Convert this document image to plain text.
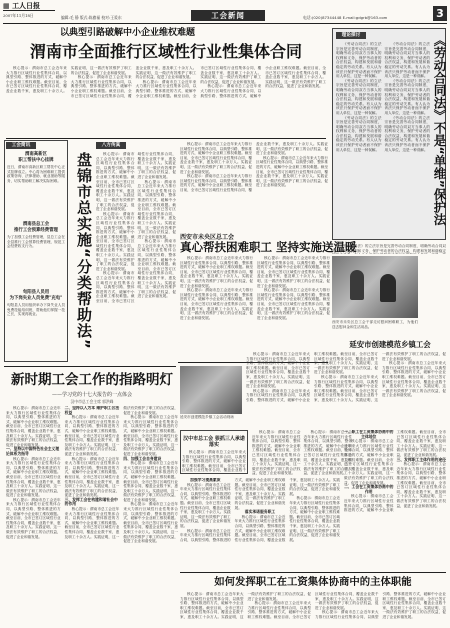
▦ 工人日报
2007年11月18日	编辑:毛 静 版式:陈旗福 校对:王爱东	工会新闻	电话:(020)87344448 E-mail:gdgrb@163.com	3
以典型引路破解中小企业维权难题
渭南市全面推行区域性行业性集体合同

核心提示：渭南市总工会近年来大力推行区域性行业性集体合同，以典型引路、整体推进的方式，破解中小企业职工维权难题。截至目前，全市已签订区域性行业性集体合同，覆盖企业数千家，惠及职工十余万人。实践证明，这一做法有效维护了职工的合法权益，促进了企业和谐发展。

核心提示：渭南市总工会近年来大力推行区域性行业性集体合同，以典型引路、整体推进的方式，破解中小企业职工维权难题。截至目前，全市已签订区域性行业性集体合同，覆盖企业数千家，惠及职工十余万人。实践证明，这一做法有效维护了职工的合法权益，促进了企业和谐发展。

核心提示：渭南市总工会近年来大力推行区域性行业性集体合同，以典型引路、整体推进的方式，破解中小企业职工维权难题。截至目前，全市已签订区域性行业性集体合同，覆盖企业数千家，惠及职工十余万人。实践证明，这一做法有效维护了职工的合法权益，促进了企业和谐发展。

核心提示：渭南市总工会近年来大力推行区域性行业性集体合同，以典型引路、整体推进的方式，破解中小企业职工维权难题。截至目前，全市已签订区域性行业性集体合同，覆盖企业数千家，惠及职工十余万人。实践证明，这一做法有效维护了职工的合法权益，促进了企业和谐发展。

工会简讯
渭南高新区
职工帮扶中心挂牌
近日，渭南市高新区职工帮扶中心正式挂牌成立。中心将为困难职工提供政策咨询、法律援助、就业援助等服务，切实帮助职工解决实际困难。
渭南县总工会
推行工会预算经费管理
为了加强工会经费管理，县总工会在全县推行工会预算经费管理，规范工会经费收支行为。
旬阳县人员用
为下岗失业人员免费"充电"
旬阳县人员用组织举办下岗失业人员免费技能培训班，帮助他们掌握一技之长，实现再就业。	盘锦市总实施“分类帮助法”
八方传真

核心提示：渭南市总工会近年来大力推行区域性行业性集体合同，以典型引路、整体推进的方式，破解中小企业职工维权难题。截至目前，全市已签订区域性行业性集体合同，覆盖企业数千家，惠及职工十余万人。实践证明，这一做法有效维护了职工的合法权益，促进了企业和谐发展。

核心提示：渭南市总工会近年来大力推行区域性行业性集体合同，以典型引路、整体推进的方式，破解中小企业职工维权难题。截至目前，全市已签订区域性行业性集体合同，覆盖企业数千家，惠及职工十余万人。实践证明，这一做法有效维护了职工的合法权益，促进了企业和谐发展。

核心提示：渭南市总工会近年来大力推行区域性行业性集体合同，以典型引路、整体推进的方式，破解中小企业职工维权难题。截至目前，全市已签订区域性行业性集体合同，覆盖企业数千家，惠及职工十余万人。实践证明，这一做法有效维护了职工的合法权益，促进了企业和谐发展。

核心提示：渭南市总工会近年来大力推行区域性行业性集体合同，以典型引路、整体推进的方式，破解中小企业职工维权难题。截至目前，全市已签订区域性行业性集体合同，覆盖企业数千家，惠及职工十余万人。实践证明，这一做法有效维护了职工的合法权益，促进了企业和谐发展。

核心提示：渭南市总工会近年来大力推行区域性行业性集体合同，以典型引路、整体推进的方式，破解中小企业职工维权难题。截至目前，全市已签订区域性行业性集体合同，覆盖企业数千家，惠及职工十余万人。实践证明，这一做法有效维护了职工的合法权益，促进了企业和谐发展。

核心提示：渭南市总工会近年来大力推行区域性行业性集体合同，以典型引路、整体推进的方式，破解中小企业职工维权难题。截至目前，全市已签订区域性行业性集体合同，覆盖企业数千家，惠及职工十余万人。实践证明，这一做法有效维护了职工的合法权益，促进了企业和谐发展。

核心提示：渭南市总工会近年来大力推行区域性行业性集体合同，以典型引路、整体推进的方式，破解中小企业职工维权难题。截至目前，全市已签订区域性行业性集体合同，覆盖企业数千家，惠及职工十余万人。实践证明，这一做法有效维护了职工的合法权益，促进了企业和谐发展。

核心提示：渭南市总工会近年来大力推行区域性行业性集体合同，以典型引路、整体推进的方式，破解中小企业职工维权难题。截至目前，全市已签订区域性行业性集体合同，覆盖企业数千家，惠及职工十余万人。实践证明，这一做法有效维护了职工的合法权益，促进了企业和谐发展。

西安市未央区总工会
真心帮扶困难职工 坚持实施送温暖

核心提示：渭南市总工会近年来大力推行区域性行业性集体合同，以典型引路、整体推进的方式，破解中小企业职工维权难题。截至目前，全市已签订区域性行业性集体合同，覆盖企业数千家，惠及职工十余万人。实践证明，这一做法有效维护了职工的合法权益，促进了企业和谐发展。

核心提示：渭南市总工会近年来大力推行区域性行业性集体合同，以典型引路、整体推进的方式，破解中小企业职工维权难题。截至目前，全市已签订区域性行业性集体合同，覆盖企业数千家，惠及职工十余万人。实践证明，这一做法有效维护了职工的合法权益，促进了企业和谐发展。

核心提示：渭南市总工会近年来大力推行区域性行业性集体合同，以典型引路、整体推进的方式，破解中小企业职工维权难题。截至目前，全市已签订区域性行业性集体合同，覆盖企业数千家，惠及职工十余万人。实践证明，这一做法有效维护了职工的合法权益，促进了企业和谐发展。

核心提示：渭南市总工会近年来大力推行区域性行业性集体合同，以典型引路、整体推进的方式，破解中小企业职工维权难题。截至目前，全市已签订区域性行业性集体合同，覆盖企业数千家，惠及职工十余万人。实践证明，这一做法有效维护了职工的合法权益，促进了企业和谐发展。

西安市未央区总工会干部走访慰问困难职工，为他们送去慰问金和生活用品。
理论探讨	《劳动合同法》不是“单维”保护法

《劳动合同法》的立法宗旨是完善劳动合同制度，明确劳动合同双方当事人的权利和义务，保护劳动者的合法权益，构建和发展和谐稳定的劳动关系。有人认为该法只保护劳动者而不保护用人单位，这是一种误解。

《劳动合同法》的立法宗旨是完善劳动合同制度，明确劳动合同双方当事人的权利和义务，保护劳动者的合法权益，构建和发展和谐稳定的劳动关系。有人认为该法只保护劳动者而不保护用人单位，这是一种误解。

《劳动合同法》的立法宗旨是完善劳动合同制度，明确劳动合同双方当事人的权利和义务，保护劳动者的合法权益，构建和发展和谐稳定的劳动关系。有人认为该法只保护劳动者而不保护用人单位，这是一种误解。

《劳动合同法》的立法宗旨是完善劳动合同制度，明确劳动合同双方当事人的权利和义务，保护劳动者的合法权益，构建和发展和谐稳定的劳动关系。有人认为该法只保护劳动者而不保护用人单位，这是一种误解。

《劳动合同法》的立法宗旨是完善劳动合同制度，明确劳动合同双方当事人的权利和义务，保护劳动者的合法权益，构建和发展和谐稳定的劳动关系。有人认为该法只保护劳动者而不保护用人单位，这是一种误解。

《劳动合同法》的立法宗旨是完善劳动合同制度，明确劳动合同双方当事人的权利和义务，保护劳动者的合法权益，构建和发展和谐稳定的劳动关系。有人认为该法只保护劳动者而不保护用人单位，这是一种误解。

《劳动合同法》的立法宗旨是完善劳动合同制度，明确劳动合同双方当事人的权利和义务，保护劳动者的合法权益，构建和发展和谐稳定

延安市创建模范乡镇工会
延安市创建模范乡镇工会活动现场

核心提示：渭南市总工会近年来大力推行区域性行业性集体合同，以典型引路、整体推进的方式，破解中小企业职工维权难题。截至目前，全市已签订区域性行业性集体合同，覆盖企业数千家，惠及职工十余万人。实践证明，这一做法有效维护了职工的合法权益，促进了企业和谐发展。

核心提示：渭南市总工会近年来大力推行区域性行业性集体合同，以典型引路、整体推进的方式，破解中小企业职工维权难题。截至目前，全市已签订区域性行业性集体合同，覆盖企业数千家，惠及职工十余万人。实践证明，这一做法有效维护了职工的合法权益，促进了企业和谐发展。

核心提示：渭南市总工会近年来大力推行区域性行业性集体合同，以典型引路、整体推进的方式，破解中小企业职工维权难题。截至目前，全市已签订区域性行业性集体合同，覆盖企业数千家，惠及职工十余万人。实践证明，这一做法有效维护了职工的合法权益，促进了企业和谐发展。

核心提示：渭南市总工会近年来大力推行区域性行业性集体合同，以典型引路、整体推进的方式，破解中小企业职工维权难题。截至目前，全市已签订区域性行业性集体合同，覆盖企业数千家，惠及职工十余万人。实践证明，这一做法有效维护了职工的合法权益，促进了企业和谐发展。

新时期工会工作的指路明灯
——学习党的十七大报告的一点体会
汉中市总工会主席 郭洪峰

核心提示：渭南市总工会近年来大力推行区域性行业性集体合同，以典型引路、整体推进的方式，破解中小企业职工维权难题。截至目前，全市已签订区域性行业性集体合同，覆盖企业数千家，惠及职工十余万人。实践证明，这一做法有效维护了职工的合法权益，促进了企业和谐发展。

一、坚持以中国特色社会主义理论体系为指导

核心提示：渭南市总工会近年来大力推行区域性行业性集体合同，以典型引路、整体推进的方式，破解中小企业职工维权难题。截至目前，全市已签订区域性行业性集体合同，覆盖企业数千家，惠及职工十余万人。实践证明，这一做法有效维护了职工的合法权益，促进了企业和谐发展。

核心提示：渭南市总工会近年来大力推行区域性行业性集体合同，以典型引路、整体推进的方式，破解中小企业职工维权难题。截至目前，全市已签订区域性行业性集体合同，覆盖企业数千家，惠及职工十余万人。实践证明，这一做法有效维护了职工的合法权益，促进了企业和谐发展。

二、坚持以人为本 维护职工合法权益

核心提示：渭南市总工会近年来大力推行区域性行业性集体合同，以典型引路、整体推进的方式，破解中小企业职工维权难题。截至目前，全市已签订区域性行业性集体合同，覆盖企业数千家，惠及职工十余万人。实践证明，这一做法有效维护了职工的合法权益，促进了企业和谐发展。

核心提示：渭南市总工会近年来大力推行区域性行业性集体合同，以典型引路、整体推进的方式，破解中小企业职工维权难题。截至目前，全市已签订区域性行业性集体合同，覆盖企业数千家，惠及职工十余万人。实践证明，这一做法有效维护了职工的合法权益，促进了企业和谐发展。

三、发挥工会在构建和谐社会中的作用

核心提示：渭南市总工会近年来大力推行区域性行业性集体合同，以典型引路、整体推进的方式，破解中小企业职工维权难题。截至目前，全市已签订区域性行业性集体合同，覆盖企业数千家，惠及职工十余万人。实践证明，这一做法有效维护了职工的合法权益，促进了企业和谐发展。

核心提示：渭南市总工会近年来大力推行区域性行业性集体合同，以典型引路、整体推进的方式，破解中小企业职工维权难题。截至目前，全市已签订区域性行业性集体合同，覆盖企业数千家，惠及职工十余万人。实践证明，这一做法有效维护了职工的合法权益，促进了企业和谐发展。

四、加强工会自身建设

核心提示：渭南市总工会近年来大力推行区域性行业性集体合同，以典型引路、整体推进的方式，破解中小企业职工维权难题。截至目前，全市已签订区域性行业性集体合同，覆盖企业数千家，惠及职工十余万人。实践证明，这一做法有效维护了职工的合法权益，促进了企业和谐发展。

核心提示：渭南市总工会近年来大力推行区域性行业性集体合同，以典型引路、整体推进的方式，破解中小企业职工维权难题。截至目前，全市已签订区域性行业性集体合同，覆盖企业数千家，惠及职工十余万人。实践证明，这一做法有效维护了职工的合法权益，促进了企业和谐发展。

汉中市总工会 狠抓三人承诺落实

核心提示：渭南市总工会近年来大力推行区域性行业性集体合同，以典型引路、整体推进的方式，破解中小企业职工维权难题。截至目前，全市已签订区域性行业性集体合同，覆盖企业数千

加强学习提高素质

核心提示：渭南市总工会近年来大力推行区域性行业性集体合同，以典型引路、整体推进的方式，破解中小企业职工维权难题。截至目前，全市已签订区域性行业性集体合同，覆盖企业数千家，惠及职工十余万人。实践证明，这一做法有效维护了职工的合法权益，促进了企业和谐发展。

核心提示：渭南市总工会近年来大力推行区域性行业性集体合同，以典型引路、整体推进的方式，破解中小企业职工维权难题。截至目前，全市已签订区域性行业性集体合同，覆盖企业数千家，惠及职工十余万人。实践证明，这一做法有效维护了职工的合法权益，促进了企业和谐发展。

落实承诺服务职工

核心提示：渭南市总工会近年来大力推行区域性行业性集体合同，以典型引路、整体推进的方式，破解中小企业职工维权难题。截至目前，全市已签订区域性行业性集体合同，覆盖企业数千家，惠及职工十余万人。实践证明，这一做法有效维护了职工的合法权益，促进了企业和谐发展。

核心提示：渭南市总工会近年来大力推行区域性行业性集体合同，以典型引路、整体推进的方式，破解中小企业职工维权难题。截至目前，全市已签订区域性行业性集体合同，覆盖企业数千家，惠及职工十余万人。实践证明，这一做法有效维护了职工的合法权益，促进了企业和谐发展。

核心提示：渭南市总工会近年来大力推行区域性行业性集体合同，以典型引路、整体推进的方式，破解中小企业职工维权难题。截至目前，全市已签订区域性行业性集体合同，覆盖企业数千家，惠及职工十余万人。实践证明，这一做法有效维护了职工的合法权益，促进了企业和谐发展。

核心提示：渭南市总工会近年来大力推行区域性行业性集体合同，以典型引路、整体推进的方式，破解中小企业职工维权难题。截至目前，全市已签订区域性行业性集体合同，覆盖企业数千家，惠及职工十余万人。实践证明，这一做法有效维护了职工的合法权益，促进了企业和谐发展。

如何发挥职工在工资集体协商中的主体职能

核心提示：渭南市总工会近年来大力推行区域性行业性集体合同，以典型引路、整体推进的方式，破解中小企业职工维权难题。截至目前，全市已签订区域性行业性集体合同，覆盖企业数千家，惠及职工十余万人。实践证明，这一做法有效维护了职工的合法权益，促进了企业和谐发展。

核心提示：渭南市总工会近年来大力推行区域性行业性集体合同，以典型引路、整体推进的方式，破解中小企业职工维权难题。截至目前，全市已签订区域性行业性集体合同，覆盖企业数千家，惠及职工十余万人。实践证明，这一做法有效维护了职工的合法权益，促进了企业和谐发展。

核心提示：渭南市总工会近年来大力推行区域性行业性集体合同，以典型引路、整体推进的方式，破解中小企业职工维权难题。截至目前，全市已签订区域性行业性集体合同，覆盖企业数千家，惠及职工十余万人。实践证明，这一做法有效维护了职工的合法权益，促进了企业和谐发展。

一、职工在工资集体协商中的主体地位

核心提示：渭南市总工会近年来大力推行区域性行业性集体合同，以典型引路、整体推进的方式，破解中小企业职工维权难题。截至目前，全市已签订区域性行业性集体合同，覆盖企业数千家，惠及职工十余万人。实践证明，这一做法有效维护了职工的合法权益，促进了企业和谐发展。

二、工会在工资集体协商中的作用

核心提示：渭南市总工会近年来大力推行区域性行业性集体合同，以典型引路、整体推进的方式，破解中小企业职工维权难题。截至目前，全市已签订区域性行业性集体合同，覆盖企业数千家，惠及职工十余万人。实践证明，这一做法有效维护了职工的合法权益，促进了企业和谐发展。

三、发挥职工主体作用的途径

核心提示：渭南市总工会近年来大力推行区域性行业性集体合同，以典型引路、整体推进的方式，破解中小企业职工维权难题。截至目前，全市已签订区域性行业性集体合同，覆盖企业数千家，惠及职工十余万人。实践证明，这一做法有效维护了职工的合法权益，促进了企业和谐发展。
